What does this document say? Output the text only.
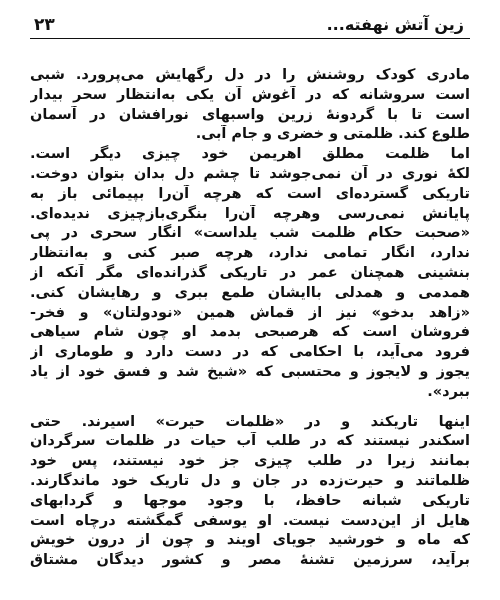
۲۳	زین آتش نهفته...
مادری کودک روشنش را در دل رگهایش می‌پرورد. شبی
است سروشانه که در آغوش آن یکی به‌انتظار سحر بیدار
است تا با گردونهٔ زرین واسبهای نورافشان در آسمان
طلوع کند. ظلمتی و خضری و جام آبی.
اما ظلمت مطلق اهریمن خود چیزی دیگر است.
لکهٔ نوری در آن نمی‌جوشد تا چشم دل بدان بتوان دوخت.
تاریکی گسترده‌ای است که هرچه آن‌را بپیمائی باز به
پایانش نمی‌رسی وهرچه آن‌را بنگری‌بازچیزی ندیده‌ای.
«صحبت حکام ظلمت شب یلداست» انگار سحری در پی
ندارد، انگار تمامی ندارد، هرچه صبر کنی و به‌انتظار
بنشینی همچنان عمر در تاریکی گذرانده‌ای مگر آنکه از
همدمی و همدلی باایشان طمع ببری و رهایشان کنی.
«زاهد بدخو» نیز از قماش همین «نودولتان» و فخر-
فروشان است که هرصبحی بدمد او چون شام سیاهی
فرود می‌آید، با احکامی که در دست دارد و طوماری از
یجوز و لایجوز و محتسبی که «شیخ شد و فسق خود از یاد
ببرد».
اینها تاریکند و در «ظلمات حیرت» اسیرند. حتی
اسکندر نیستند که در طلب آب حیات در ظلمات سرگردان
بمانند زیرا در طلب چیزی جز خود نیستند، پس خود
ظلماتند و حیرت‌زده در جان و دل تاریک خود ماندگارند.
تاریکی شبانه حافظ، با وجود موجها و گردابهای
هایل از این‌دست نیست. او یوسفی گمگشته درچاه است
که ماه و خورشید جویای اویند و چون از درون خویش
برآید، سرزمین تشنهٔ مصر و کشور دیدگان مشتاق
